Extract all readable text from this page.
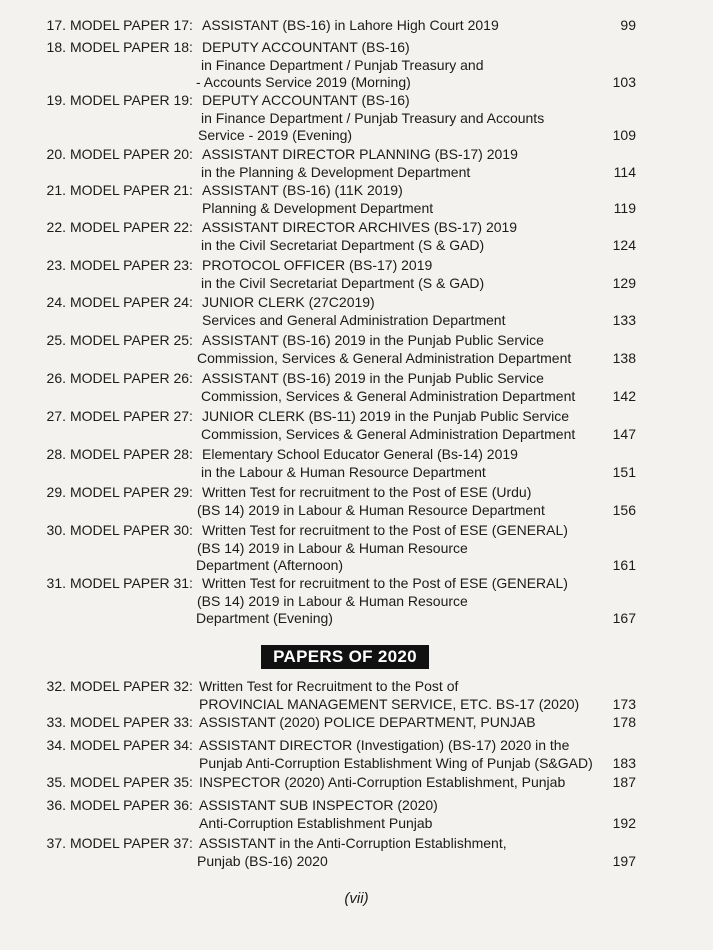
17. MODEL PAPER 17: ASSISTANT (BS-16) in Lahore High Court 2019	99
18. MODEL PAPER 18: DEPUTY ACCOUNTANT (BS-16)
in Finance Department / Punjab Treasury and
- Accounts Service 2019 (Morning)	103
19. MODEL PAPER 19: DEPUTY ACCOUNTANT (BS-16)
in Finance Department / Punjab Treasury and Accounts
Service - 2019 (Evening)	109
20. MODEL PAPER 20: ASSISTANT DIRECTOR PLANNING (BS-17) 2019
in the Planning & Development Department	114
21. MODEL PAPER 21: ASSISTANT (BS-16) (11K 2019)
Planning & Development Department	119
22. MODEL PAPER 22: ASSISTANT DIRECTOR ARCHIVES (BS-17) 2019
in the Civil Secretariat Department (S & GAD)	124
23. MODEL PAPER 23: PROTOCOL OFFICER (BS-17) 2019
in the Civil Secretariat Department (S & GAD)	129
24. MODEL PAPER 24: JUNIOR CLERK (27C2019)
Services and General Administration Department	133
25. MODEL PAPER 25: ASSISTANT (BS-16) 2019 in the Punjab Public Service
Commission, Services & General Administration Department	138
26. MODEL PAPER 26: ASSISTANT (BS-16) 2019 in the Punjab Public Service
Commission, Services & General Administration Department	142
27. MODEL PAPER 27: JUNIOR CLERK (BS-11) 2019 in the Punjab Public Service
Commission, Services & General Administration Department	147
28. MODEL PAPER 28: Elementary School Educator General (Bs-14) 2019
in the Labour & Human Resource Department	151
29. MODEL PAPER 29: Written Test for recruitment to the Post of ESE (Urdu)
(BS 14) 2019 in Labour & Human Resource Department	156
30. MODEL PAPER 30: Written Test for recruitment to the Post of ESE (GENERAL)
(BS 14) 2019 in Labour & Human Resource
Department (Afternoon)	161
31. MODEL PAPER 31: Written Test for recruitment to the Post of ESE (GENERAL)
(BS 14) 2019 in Labour & Human Resource
Department (Evening)	167
32. MODEL PAPER 32: Written Test for Recruitment to the Post of
PROVINCIAL MANAGEMENT SERVICE, ETC. BS-17 (2020)	173
33. MODEL PAPER 33: ASSISTANT (2020) POLICE DEPARTMENT, PUNJAB	178
34. MODEL PAPER 34: ASSISTANT DIRECTOR (Investigation) (BS-17) 2020 in the
Punjab Anti-Corruption Establishment Wing of Punjab (S&GAD)	183
35. MODEL PAPER 35: INSPECTOR (2020) Anti-Corruption Establishment, Punjab	187
36. MODEL PAPER 36: ASSISTANT SUB INSPECTOR (2020)
Anti-Corruption Establishment Punjab	192
37. MODEL PAPER 37: ASSISTANT in the Anti-Corruption Establishment,
Punjab (BS-16) 2020	197
PAPERS OF 2020
(vii)
